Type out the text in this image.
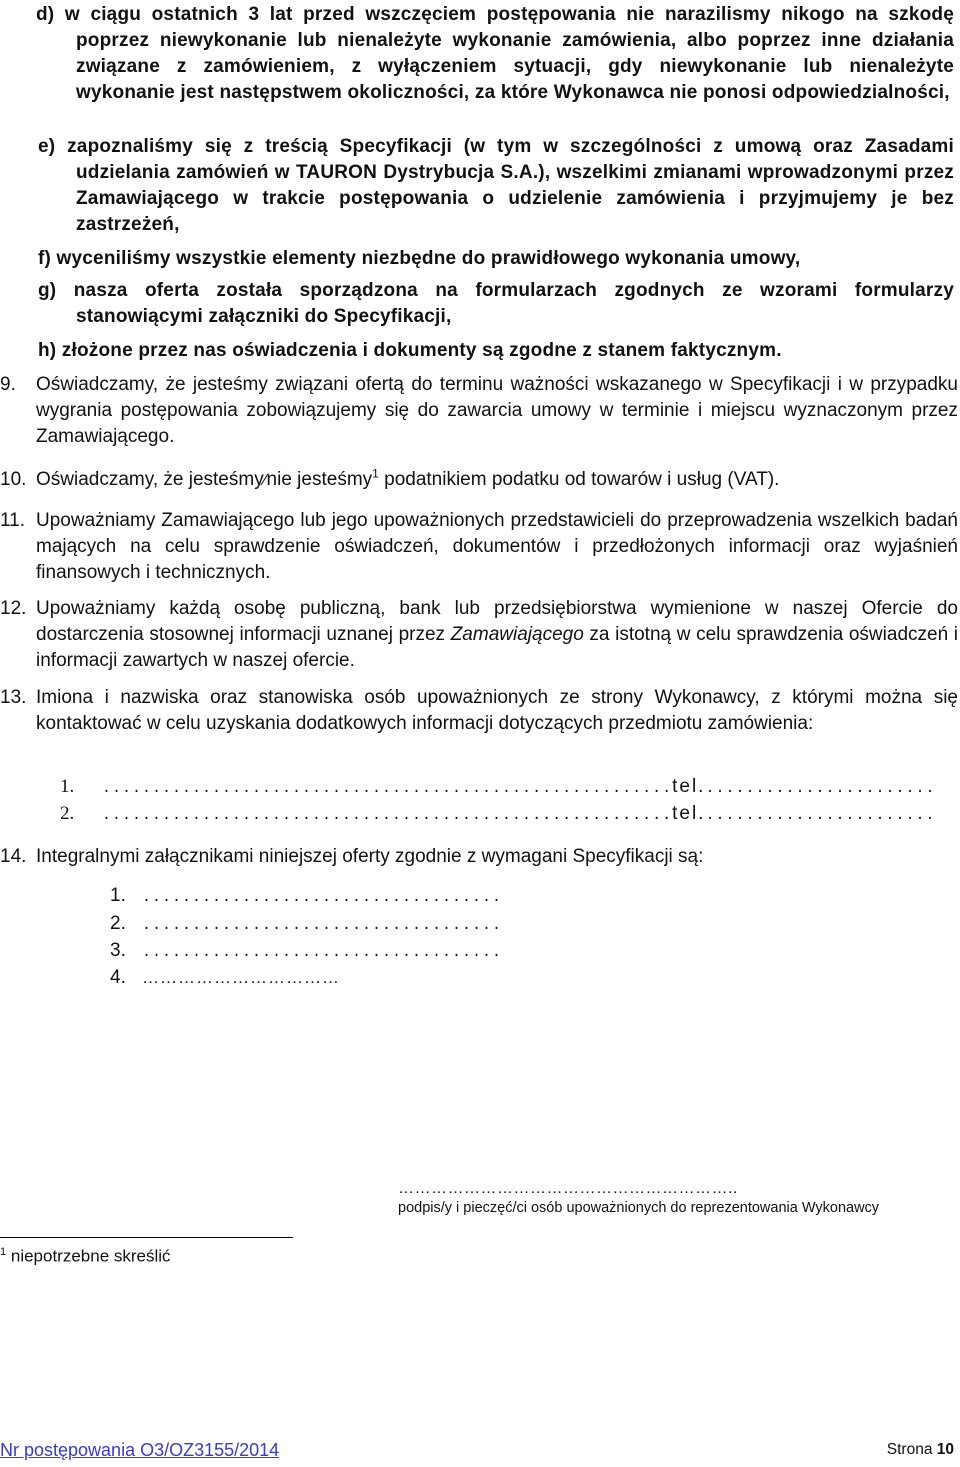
d) w ciągu ostatnich 3 lat przed wszczęciem postępowania nie narazilismy nikogo na szkodę poprzez niewykonanie lub nienależyte wykonanie zamówienia, albo poprzez inne działania związane z zamówieniem, z wyłączeniem sytuacji, gdy niewykonanie lub nienależyte wykonanie jest następstwem okoliczności, za które Wykonawca nie ponosi odpowiedzialności,
e) zapoznaliśmy się z treścią Specyfikacji (w tym w szczególności z umową oraz Zasadami udzielania zamówień w TAURON Dystrybucja S.A.), wszelkimi zmianami wprowadzonymi przez Zamawiającego w trakcie postępowania o udzielenie zamówienia i przyjmujemy je bez zastrzeżeń,
f) wyceniliśmy wszystkie elementy niezbędne do prawidłowego wykonania umowy,
g) nasza oferta została sporządzona na formularzach zgodnych ze wzorami formularzy stanowiącymi załączniki do Specyfikacji,
h) złożone przez nas oświadczenia i dokumenty są zgodne z stanem faktycznym.
9. Oświadczamy, że jesteśmy związani ofertą do terminu ważności wskazanego w Specyfikacji i w przypadku wygrania postępowania zobowiązujemy się do zawarcia umowy w terminie i miejscu wyznaczonym przez Zamawiającego.
10. Oświadczamy, że jesteśmy⁄nie jesteśmy$^1$ podatnikiem podatku od towarów i usług (VAT).
11. Upoważniamy Zamawiającego lub jego upoważnionych przedstawicieli do przeprowadzenia wszelkich badań mających na celu sprawdzenie oświadczeń, dokumentów i przedłożonych informacji oraz wyjaśnień finansowych i technicznych.
12. Upoważniamy każdą osobę publiczną, bank lub przedsiębiorstwa wymienione w naszej Ofercie do dostarczenia stosownej informacji uznanej przez Zamawiającego za istotną w celu sprawdzenia oświadczeń i informacji zawartych w naszej ofercie.
13. Imiona i nazwiska oraz stanowiska osób upoważnionych ze strony Wykonawcy, z którymi można się kontaktować w celu uzyskania dodatkowych informacji dotyczących przedmiotu zamówienia:
1. .........................................................tel........................
2. .........................................................tel........................
14. Integralnymi załącznikami niniejszej oferty zgodnie z wymagani Specyfikacji są:
1. ....................................
2. ....................................
3. ....................................
4. ……………………………
……………………………………………………..
podpis/y i pieczęć/ci osób upoważnionych do reprezentowania Wykonawcy
$^1$ niepotrzebne skreślić
Nr postępowania O3/OZ3155/2014	Strona 10
